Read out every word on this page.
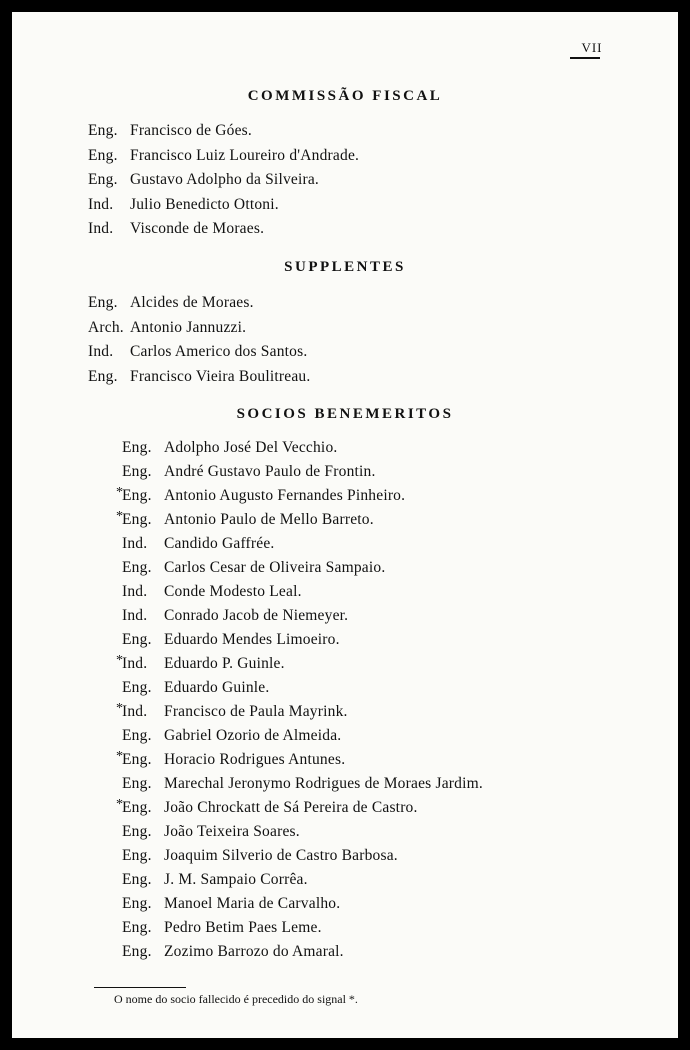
VII
COMMISSÃO FISCAL
Eng. Francisco de Góes.
Eng. Francisco Luiz Loureiro d'Andrade.
Eng. Gustavo Adolpho da Silveira.
Ind. Julio Benedicto Ottoni.
Ind. Visconde de Moraes.
SUPPLENTES
Eng. Alcides de Moraes.
Arch. Antonio Jannuzzi.
Ind. Carlos Americo dos Santos.
Eng. Francisco Vieira Boulitreau.
SOCIOS BENEMERITOS
Eng. Adolpho José Del Vecchio.
Eng. André Gustavo Paulo de Frontin.
*
Eng. Antonio Augusto Fernandes Pinheiro.
*
Eng. Antonio Paulo de Mello Barreto.
Ind. Candido Gaffrée.
Eng. Carlos Cesar de Oliveira Sampaio.
Ind. Conde Modesto Leal.
Ind. Conrado Jacob de Niemeyer.
Eng. Eduardo Mendes Limoeiro.
*
Ind. Eduardo P. Guinle.
Eng. Eduardo Guinle.
*
Ind. Francisco de Paula Mayrink.
Eng. Gabriel Ozorio de Almeida.
*
Eng. Horacio Rodrigues Antunes.
Eng. Marechal Jeronymo Rodrigues de Moraes Jardim.
*
Eng. João Chrockatt de Sá Pereira de Castro.
Eng. João Teixeira Soares.
Eng. Joaquim Silverio de Castro Barbosa.
Eng. J. M. Sampaio Corrêa.
Eng. Manoel Maria de Carvalho.
Eng. Pedro Betim Paes Leme.
Eng. Zozimo Barrozo do Amaral.
O nome do socio fallecido é precedido do signal *.
